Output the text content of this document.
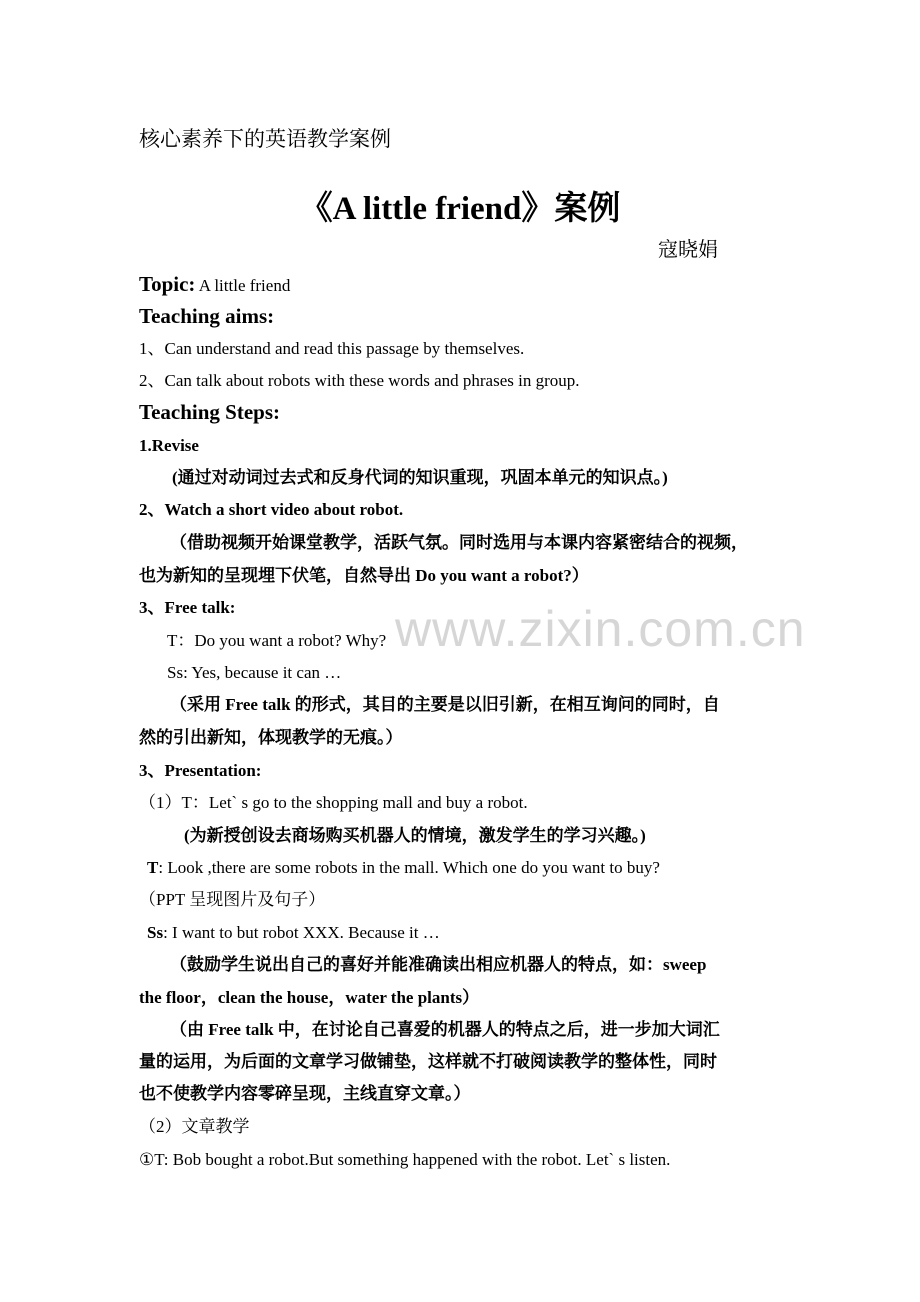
核心素养下的英语教学案例
《A little friend》案例
寇晓娟
www.zixin.com.cn
Topic: A little friend
Teaching aims:
1、Can understand and read this passage by themselves.
2、Can talk about robots with these words and phrases in group.
Teaching Steps:
1.Revise
(通过对动词过去式和反身代词的知识重现，巩固本单元的知识点。)
2、Watch a short video about robot.
（借助视频开始课堂教学，活跃气氛。同时选用与本课内容紧密结合的视频，
也为新知的呈现埋下伏笔，自然导出 Do you want a robot?）
3、Free talk:
T：Do you want a robot? Why?
Ss: Yes, because it can …
（采用 Free talk 的形式，其目的主要是以旧引新，在相互询问的同时，自
然的引出新知，体现教学的无痕。）
3、Presentation:
（1）T：Let` s go to the shopping mall and buy a robot.
(为新授创设去商场购买机器人的情境，激发学生的学习兴趣。)
T: Look ,there are some robots in the mall. Which one do you want to buy?
（PPT 呈现图片及句子）
Ss: I want to but robot XXX. Because it …
（鼓励学生说出自己的喜好并能准确读出相应机器人的特点，如：sweep
the floor，clean the house，water the plants）
（由 Free talk 中，在讨论自己喜爱的机器人的特点之后，进一步加大词汇
量的运用，为后面的文章学习做铺垫，这样就不打破阅读教学的整体性，同时
也不使教学内容零碎呈现，主线直穿文章。）
（2）文章教学
①T: Bob bought a robot.But something happened with the robot. Let` s listen.
